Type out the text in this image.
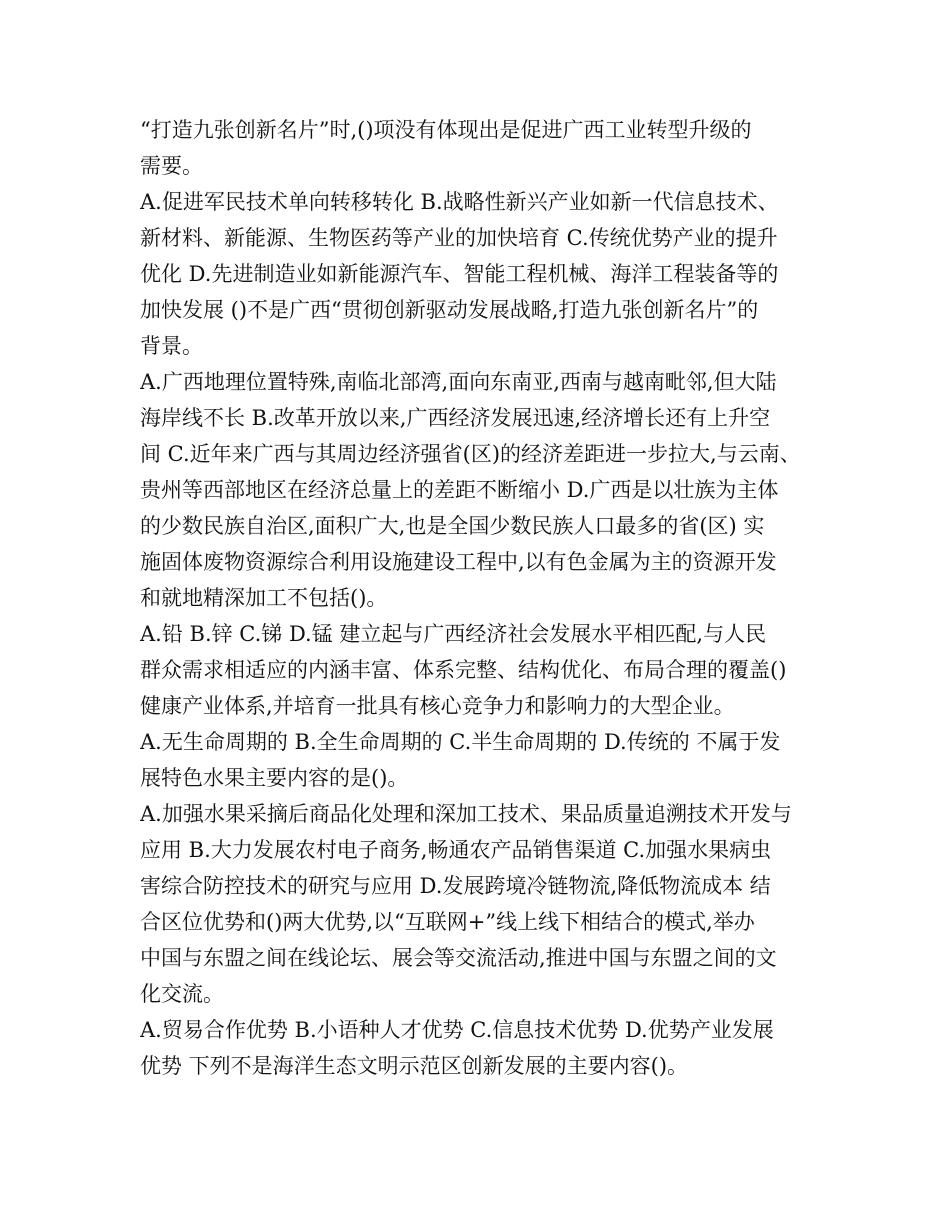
“打造九张创新名片”时,()项没有体现出是促进广西工业转型升级的
需要。
A.促进军民技术单向转移转化 B.战略性新兴产业如新一代信息技术、
新材料、新能源、生物医药等产业的加快培育 C.传统优势产业的提升
优化 D.先进制造业如新能源汽车、智能工程机械、海洋工程装备等的
加快发展 ()不是广西“贯彻创新驱动发展战略,打造九张创新名片”的
背景。
A.广西地理位置特殊,南临北部湾,面向东南亚,西南与越南毗邻,但大陆
海岸线不长 B.改革开放以来,广西经济发展迅速,经济增长还有上升空
间 C.近年来广西与其周边经济强省(区)的经济差距进一步拉大,与云南、
贵州等西部地区在经济总量上的差距不断缩小 D.广西是以壮族为主体
的少数民族自治区,面积广大,也是全国少数民族人口最多的省(区) 实
施固体废物资源综合利用设施建设工程中,以有色金属为主的资源开发
和就地精深加工不包括()。
A.铅 B.锌 C.锑 D.锰 建立起与广西经济社会发展水平相匹配,与人民
群众需求相适应的内涵丰富、体系完整、结构优化、布局合理的覆盖()
健康产业体系,并培育一批具有核心竞争力和影响力的大型企业。
A.无生命周期的 B.全生命周期的 C.半生命周期的 D.传统的 不属于发
展特色水果主要内容的是()。
A.加强水果采摘后商品化处理和深加工技术、果品质量追溯技术开发与
应用 B.大力发展农村电子商务,畅通农产品销售渠道 C.加强水果病虫
害综合防控技术的研究与应用 D.发展跨境冷链物流,降低物流成本 结
合区位优势和()两大优势,以“互联网+”线上线下相结合的模式,举办
中国与东盟之间在线论坛、展会等交流活动,推进中国与东盟之间的文
化交流。
A.贸易合作优势 B.小语种人才优势 C.信息技术优势 D.优势产业发展
优势 下列不是海洋生态文明示范区创新发展的主要内容()。
